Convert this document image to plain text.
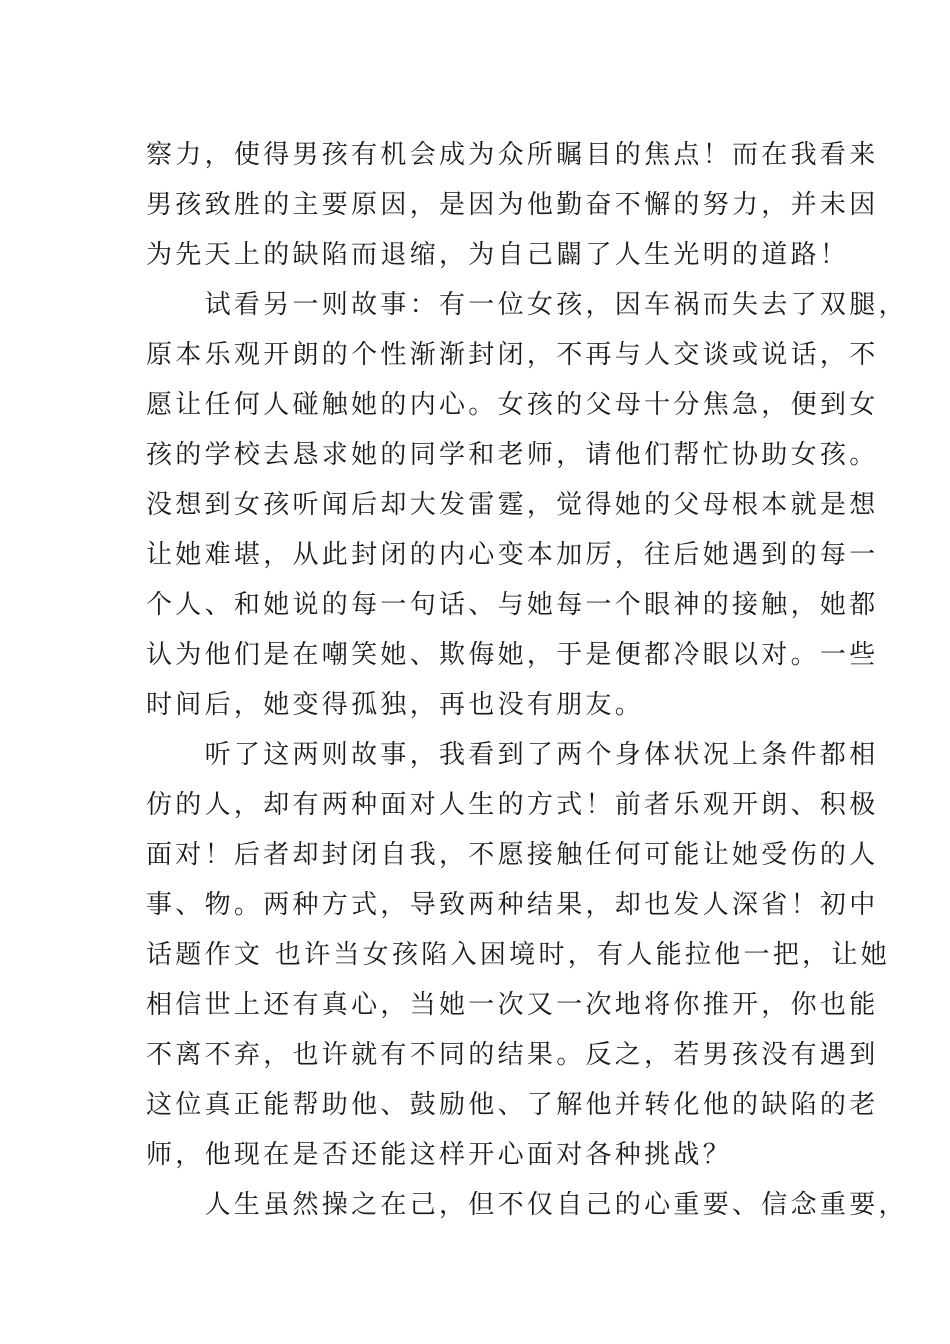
察力，使得男孩有机会成为众所瞩目的焦点！而在我看来
男孩致胜的主要原因，是因为他勤奋不懈的努力，并未因
为先天上的缺陷而退缩，为自己闢了人生光明的道路！
　　试看另一则故事：有一位女孩，因车祸而失去了双腿，
原本乐观开朗的个性渐渐封闭，不再与人交谈或说话，不
愿让任何人碰触她的内心。女孩的父母十分焦急，便到女
孩的学校去恳求她的同学和老师，请他们帮忙协助女孩。
没想到女孩听闻后却大发雷霆，觉得她的父母根本就是想
让她难堪，从此封闭的内心变本加厉，往后她遇到的每一
个人、和她说的每一句话、与她每一个眼神的接触，她都
认为他们是在嘲笑她、欺侮她，于是便都冷眼以对。一些
时间后，她变得孤独，再也没有朋友。
　　听了这两则故事，我看到了两个身体状况上条件都相
仿的人，却有两种面对人生的方式！前者乐观开朗、积极
面对！后者却封闭自我，不愿接触任何可能让她受伤的人
事、物。两种方式，导致两种结果，却也发人深省！初中
话题作文 也许当女孩陷入困境时，有人能拉他一把，让她
相信世上还有真心，当她一次又一次地将你推开，你也能
不离不弃，也许就有不同的结果。反之，若男孩没有遇到
这位真正能帮助他、鼓励他、了解他并转化他的缺陷的老
师，他现在是否还能这样开心面对各种挑战？
　　人生虽然操之在己，但不仅自己的心重要、信念重要，
